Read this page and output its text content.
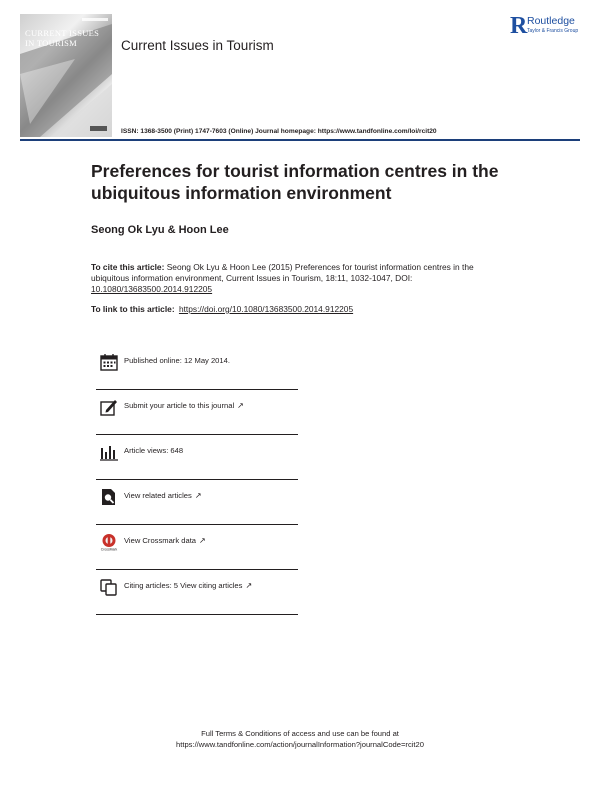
CURRENT ISSUES
IN TOURISM	Current Issues in Tourism
R Routledge
Taylor & Francis Group
ISSN: 1368-3500 (Print) 1747-7603 (Online) Journal homepage: https://www.tandfonline.com/loi/rcit20
Preferences for tourist information centres in the ubiquitous information environment
Seong Ok Lyu & Hoon Lee
To cite this article: Seong Ok Lyu & Hoon Lee (2015) Preferences for tourist information centres in the ubiquitous information environment, Current Issues in Tourism, 18:11, 1032-1047, DOI: 10.1080/13683500.2014.912205
To link to this article: https://doi.org/10.1080/13683500.2014.912205
Published online: 12 May 2014.
Submit your article to this journal ↗
Article views: 648
View related articles ↗
CrossMark
View Crossmark data ↗
Citing articles: 5 View citing articles ↗
Full Terms & Conditions of access and use can be found at
https://www.tandfonline.com/action/journalInformation?journalCode=rcit20
